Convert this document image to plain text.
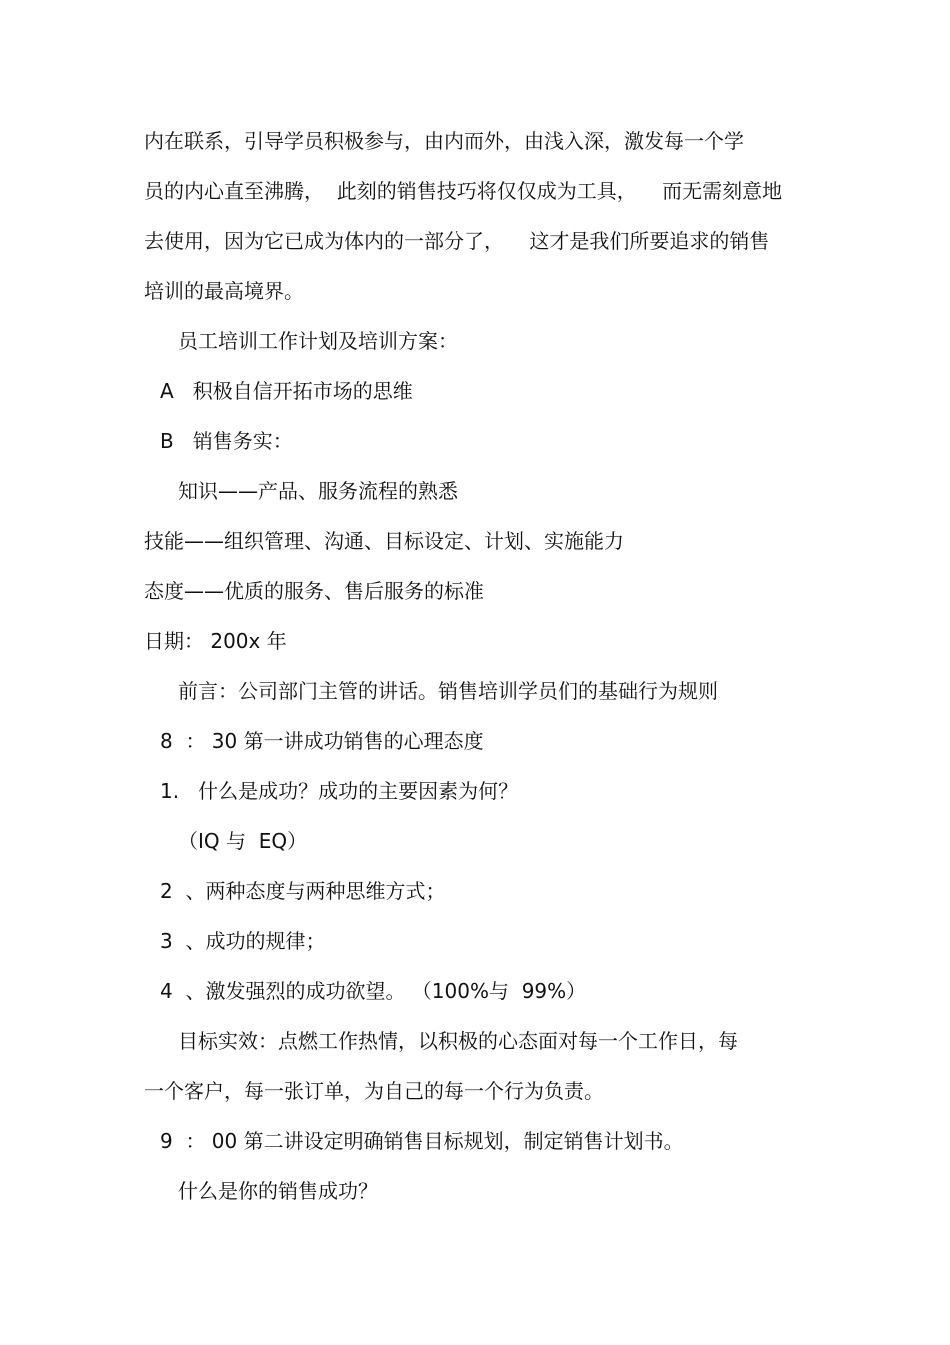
内在联系，引导学员积极参与，由内而外，由浅入深，激发每一个学
员的内心直至沸腾，  此刻的销售技巧将仅仅成为工具，    而无需刻意地
去使用，因为它已成为体内的一部分了，    这才是我们所要追求的销售
培训的最高境界。
员工培训工作计划及培训方案：
A   积极自信开拓市场的思维
B   销售务实：
知识——产品、服务流程的熟悉
技能——组织管理、沟通、目标设定、计划、实施能力
态度——优质的服务、售后服务的标准
日期： 200x 年
前言：公司部门主管的讲话。销售培训学员们的基础行为规则
8  ： 30 第一讲成功销售的心理态度
1.   什么是成功？成功的主要因素为何？
（IQ 与  EQ）
2  、两种态度与两种思维方式；
3  、成功的规律；
4  、激发强烈的成功欲望。 （100%与  99%）
目标实效：点燃工作热情，以积极的心态面对每一个工作日，每
一个客户，每一张订单，为自己的每一个行为负责。
9  ： 00 第二讲设定明确销售目标规划，制定销售计划书。
什么是你的销售成功？
